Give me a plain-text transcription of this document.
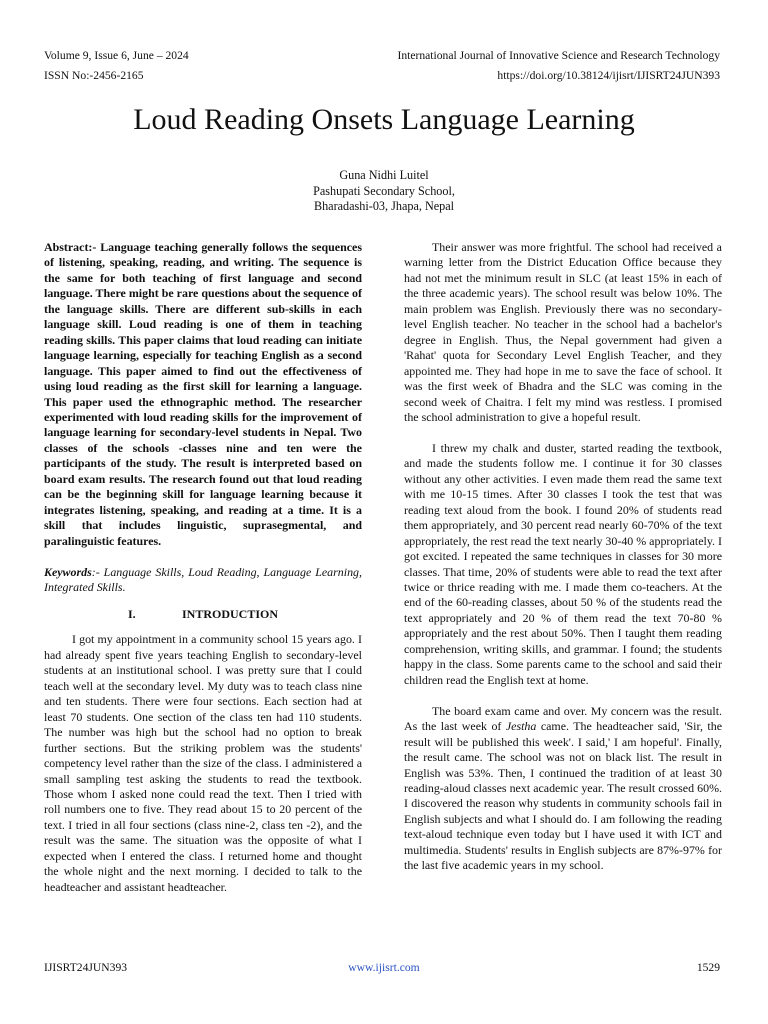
Volume 9, Issue 6, June – 2024
ISSN No:-2456-2165
International Journal of Innovative Science and Research Technology
https://doi.org/10.38124/ijisrt/IJISRT24JUN393
Loud Reading Onsets Language Learning
Guna Nidhi Luitel
Pashupati Secondary School,
Bharadashi-03, Jhapa, Nepal

Abstract:- Language teaching generally follows the sequences of listening, speaking, reading, and writing. The sequence is the same for both teaching of first language and second language. There might be rare questions about the sequence of the language skills. There are different sub-skills in each language skill. Loud reading is one of them in teaching reading skills. This paper claims that loud reading can initiate language learning, especially for teaching English as a second language. This paper aimed to find out the effectiveness of using loud reading as the first skill for learning a language. This paper used the ethnographic method. The researcher experimented with loud reading skills for the improvement of language learning for secondary-level students in Nepal. Two classes of the schools -classes nine and ten were the participants of the study. The result is interpreted based on board exam results. The research found out that loud reading can be the beginning skill for language learning because it integrates listening, speaking, and reading at a time. It is a skill that includes linguistic, suprasegmental, and paralinguistic features.

Keywords:- Language Skills, Loud Reading, Language Learning, Integrated Skills.

I.	INTRODUCTION

I got my appointment in a community school 15 years ago. I had already spent five years teaching English to secondary-level students at an institutional school. I was pretty sure that I could teach well at the secondary level. My duty was to teach class nine and ten students. There were four sections. Each section had at least 70 students. One section of the class ten had 110 students. The number was high but the school had no option to break further sections. But the striking problem was the students' competency level rather than the size of the class. I administered a small sampling test asking the students to read the textbook. Those whom I asked none could read the text. Then I tried with roll numbers one to five. They read about 15 to 20 percent of the text. I tried in all four sections (class nine-2, class ten -2), and the result was the same. The situation was the opposite of what I expected when I entered the class. I returned home and thought the whole night and the next morning. I decided to talk to the headteacher and assistant headteacher.

Their answer was more frightful. The school had received a warning letter from the District Education Office because they had not met the minimum result in SLC (at least 15% in each of the three academic years). The school result was below 10%. The main problem was English. Previously there was no secondary-level English teacher. No teacher in the school had a bachelor's degree in English. Thus, the Nepal government had given a 'Rahat' quota for Secondary Level English Teacher, and they appointed me. They had hope in me to save the face of school. It was the first week of Bhadra and the SLC was coming in the second week of Chaitra. I felt my mind was restless. I promised the school administration to give a hopeful result.

I threw my chalk and duster, started reading the textbook, and made the students follow me. I continue it for 30 classes without any other activities. I even made them read the same text with me 10-15 times. After 30 classes I took the test that was reading text aloud from the book. I found 20% of students read them appropriately, and 30 percent read nearly 60-70% of the text appropriately, the rest read the text nearly 30-40 % appropriately. I got excited. I repeated the same techniques in classes for 30 more classes. That time, 20% of students were able to read the text after twice or thrice reading with me. I made them co-teachers. At the end of the 60-reading classes, about 50 % of the students read the text appropriately and 20 % of them read the text 70-80 % appropriately and the rest about 50%. Then I taught them reading comprehension, writing skills, and grammar. I found; the students happy in the class. Some parents came to the school and said their children read the English text at home.

The board exam came and over. My concern was the result. As the last week of Jestha came. The headteacher said, 'Sir, the result will be published this week'. I said,' I am hopeful'. Finally, the result came. The school was not on black list. The result in English was 53%. Then, I continued the tradition of at least 30 reading-aloud classes next academic year. The result crossed 60%. I discovered the reason why students in community schools fail in English subjects and what I should do. I am following the reading text-aloud technique even today but I have used it with ICT and multimedia. Students' results in English subjects are 87%-97% for the last five academic years in my school.

IJISRT24JUN393	www.ijisrt.com	1529
